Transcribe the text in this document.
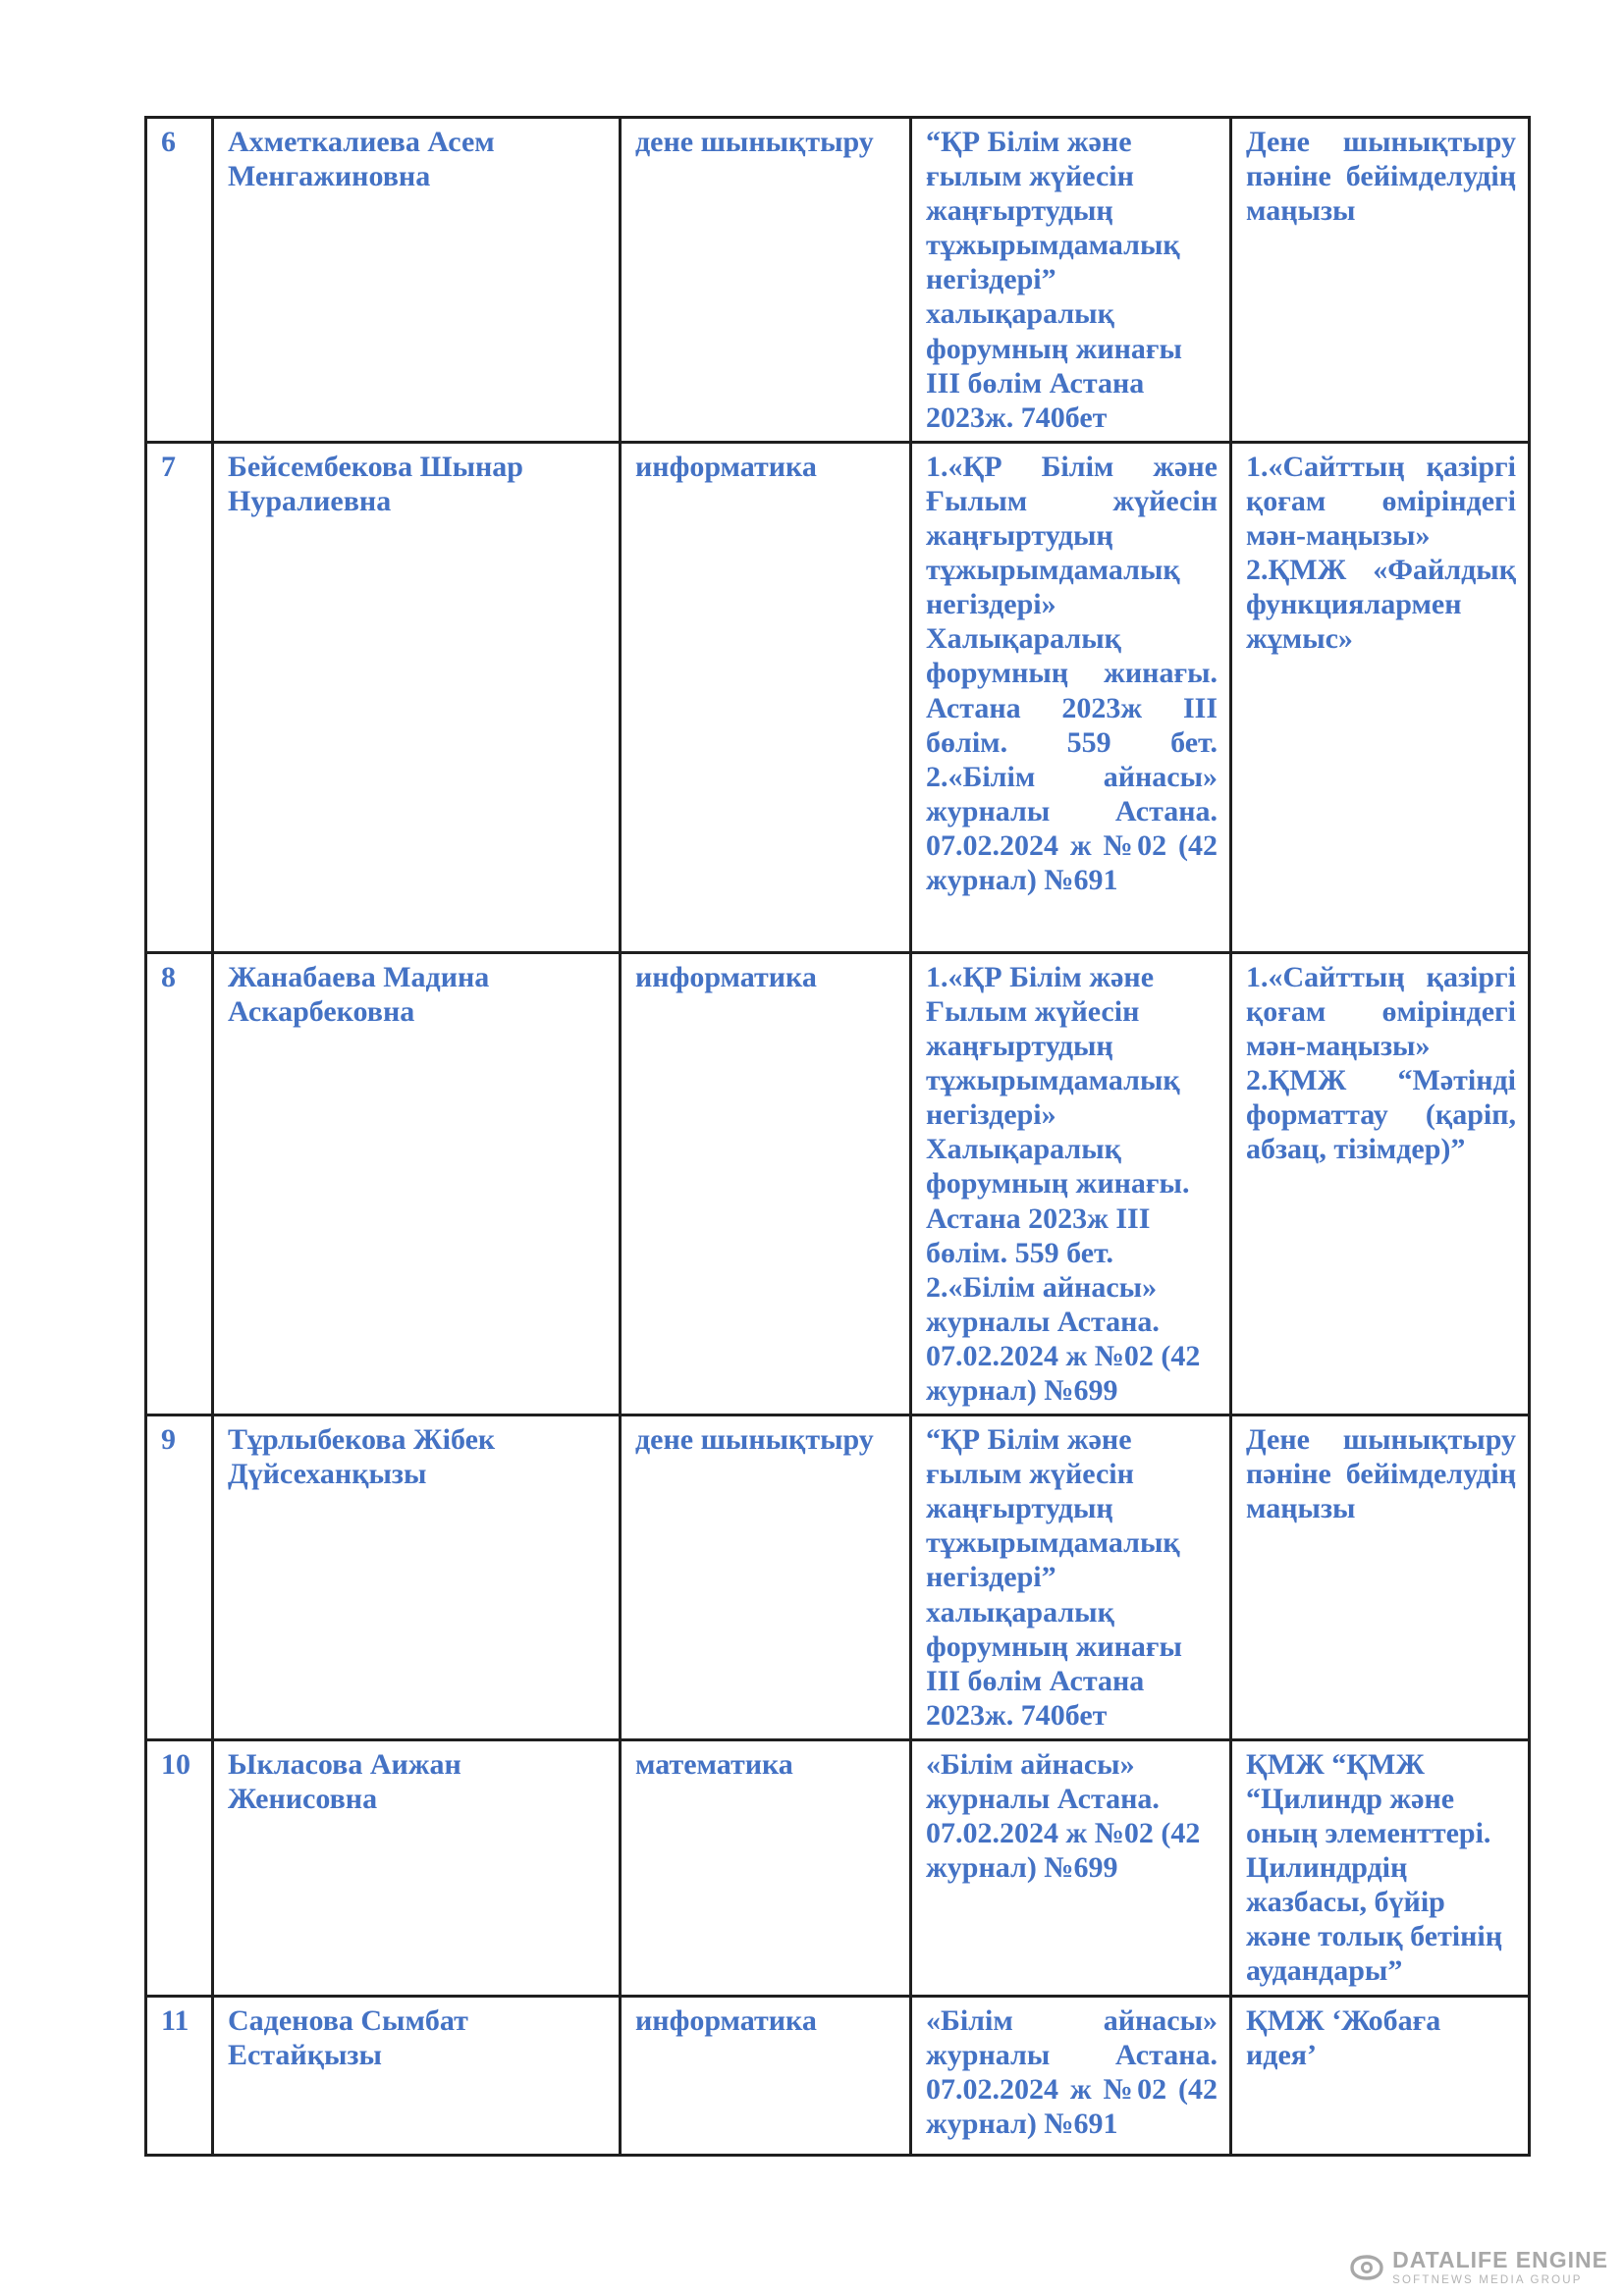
6	Ахметкалиева Асем Менгажиновна	дене шынықтыру	“ҚР Білім және ғылым жүйесін жаңғыртудың тұжырымдамалық негіздері” халықаралық форумның жинағы III бөлім Астана 2023ж. 740бет	Дене шынықтыру пәніне бейімделудің маңызы
7	Бейсембекова Шынар Нуралиевна	информатика	1.«ҚР Білім және Ғылым жүйесін жаңғыртудың тұжырымдамалық негіздері» Халықаралық форумның жинағы. Астана 2023ж III бөлім. 559 бет. 2.«Білім айнасы» журналы Астана. 07.02.2024 ж №02 (42 журнал) №691	1.«Сайттың қазіргі қоғам өміріндегі мән-маңызы» 2.ҚМЖ «Файлдық функциялармен жұмыс»
8	Жанабаева Мадина Аскарбековна	информатика	1.«ҚР Білім және Ғылым жүйесін жаңғыртудың тұжырымдамалық негіздері» Халықаралық форумның жинағы. Астана 2023ж III бөлім. 559 бет. 2.«Білім айнасы» журналы Астана. 07.02.2024 ж №02 (42 журнал) №699	1.«Сайттың қазіргі қоғам өміріндегі мән-маңызы» 2.ҚМЖ “Мәтінді форматтау (қаріп, абзац, тізімдер)”
9	Тұрлыбекова Жібек Дүйсеханқызы	дене шынықтыру	“ҚР Білім және ғылым жүйесін жаңғыртудың тұжырымдамалық негіздері” халықаралық форумның жинағы III бөлім Астана 2023ж. 740бет	Дене шынықтыру пәніне бейімделудің маңызы
10	Ыкласова Аижан Женисовна	математика	«Білім айнасы» журналы Астана. 07.02.2024 ж №02 (42 журнал) №699	ҚМЖ “ҚМЖ “Цилиндр және оның элементтері. Цилиндрдің жазбасы, бүйір және толық бетінің аудандары”
11	Саденова Сымбат Естайқызы	информатика	«Білім айнасы» журналы Астана. 07.02.2024 ж №02 (42 журнал) №691	ҚМЖ ‘Жобаға идея’
DATALIFE ENGINE
SOFTNEWS MEDIA GROUP
